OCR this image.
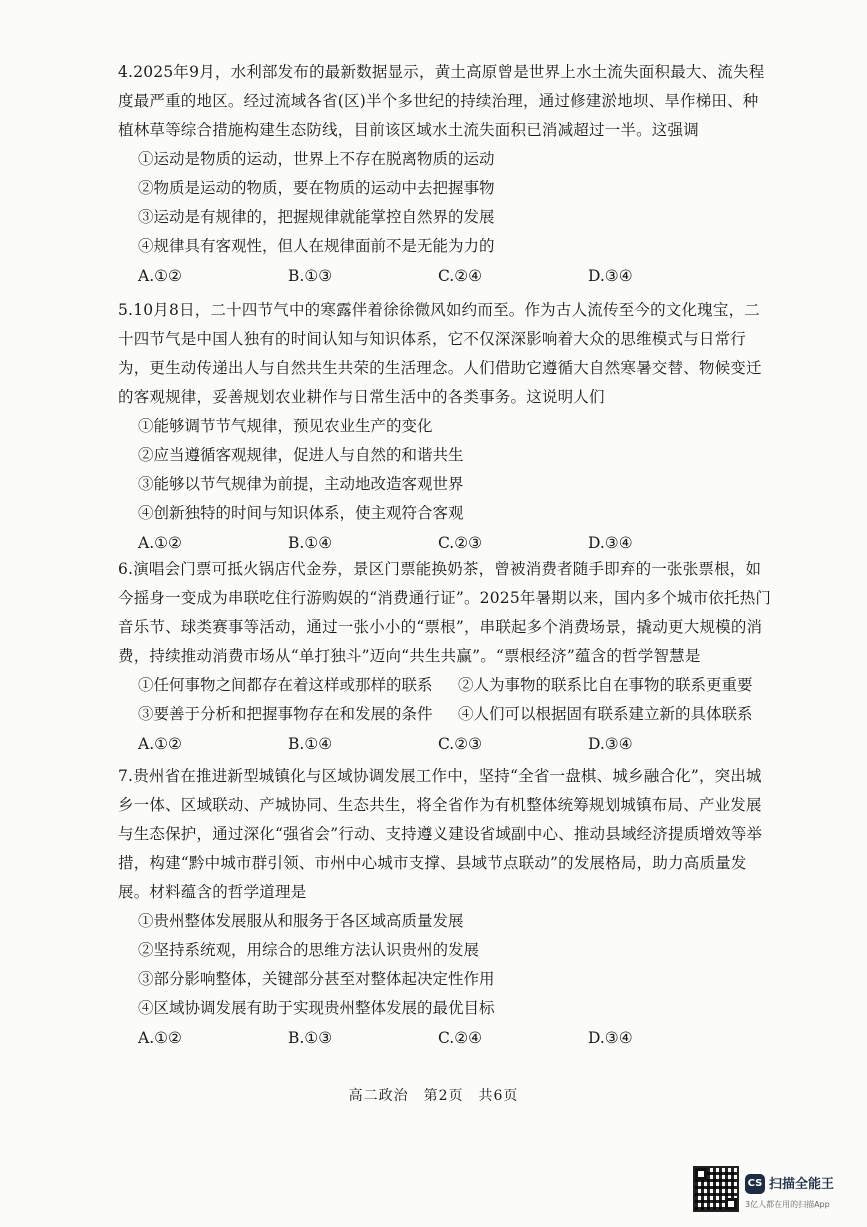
4.2025年9月，水利部发布的最新数据显示，黄土高原曾是世界上水土流失面积最大、流失程度最严重的地区。经过流域各省(区)半个多世纪的持续治理，通过修建淤地坝、旱作梯田、种植林草等综合措施构建生态防线，目前该区域水土流失面积已消减超过一半。这强调

①运动是物质的运动，世界上不存在脱离物质的运动
②物质是运动的物质，要在物质的运动中去把握事物
③运动是有规律的，把握规律就能掌控自然界的发展
④规律具有客观性，但人在规律面前不是无能为力的
A.①②	B.①③	C.②④	D.③④

5.10月8日，二十四节气中的寒露伴着徐徐微风如约而至。作为古人流传至今的文化瑰宝，二十四节气是中国人独有的时间认知与知识体系，它不仅深深影响着大众的思维模式与日常行为，更生动传递出人与自然共生共荣的生活理念。人们借助它遵循大自然寒暑交替、物候变迁的客观规律，妥善规划农业耕作与日常生活中的各类事务。这说明人们

①能够调节节气规律，预见农业生产的变化
②应当遵循客观规律，促进人与自然的和谐共生
③能够以节气规律为前提，主动地改造客观世界
④创新独特的时间与知识体系，使主观符合客观
A.①②	B.①④	C.②③	D.③④

6.演唱会门票可抵火锅店代金券，景区门票能换奶茶，曾被消费者随手即弃的一张张票根，如今摇身一变成为串联吃住行游购娱的“消费通行证”。2025年暑期以来，国内多个城市依托热门音乐节、球类赛事等活动，通过一张小小的“票根”，串联起多个消费场景，撬动更大规模的消费，持续推动消费市场从“单打独斗”迈向“共生共赢”。“票根经济”蕴含的哲学智慧是

①任何事物之间都存在着这样或那样的联系 ②人为事物的联系比自在事物的联系更重要
③要善于分析和把握事物存在和发展的条件 ④人们可以根据固有联系建立新的具体联系
A.①②	B.①④	C.②③	D.③④

7.贵州省在推进新型城镇化与区域协调发展工作中，坚持“全省一盘棋、城乡融合化”，突出城乡一体、区域联动、产城协同、生态共生，将全省作为有机整体统筹规划城镇布局、产业发展与生态保护，通过深化“强省会”行动、支持遵义建设省域副中心、推动县域经济提质增效等举措，构建“黔中城市群引领、市州中心城市支撑、县域节点联动”的发展格局，助力高质量发展。材料蕴含的哲学道理是

①贵州整体发展服从和服务于各区域高质量发展
②坚持系统观，用综合的思维方法认识贵州的发展
③部分影响整体，关键部分甚至对整体起决定性作用
④区域协调发展有助于实现贵州整体发展的最优目标
A.①②	B.①③	C.②④	D.③④
高二政治　第2页　共6页
CS 扫描全能王
3亿人都在用的扫描App
